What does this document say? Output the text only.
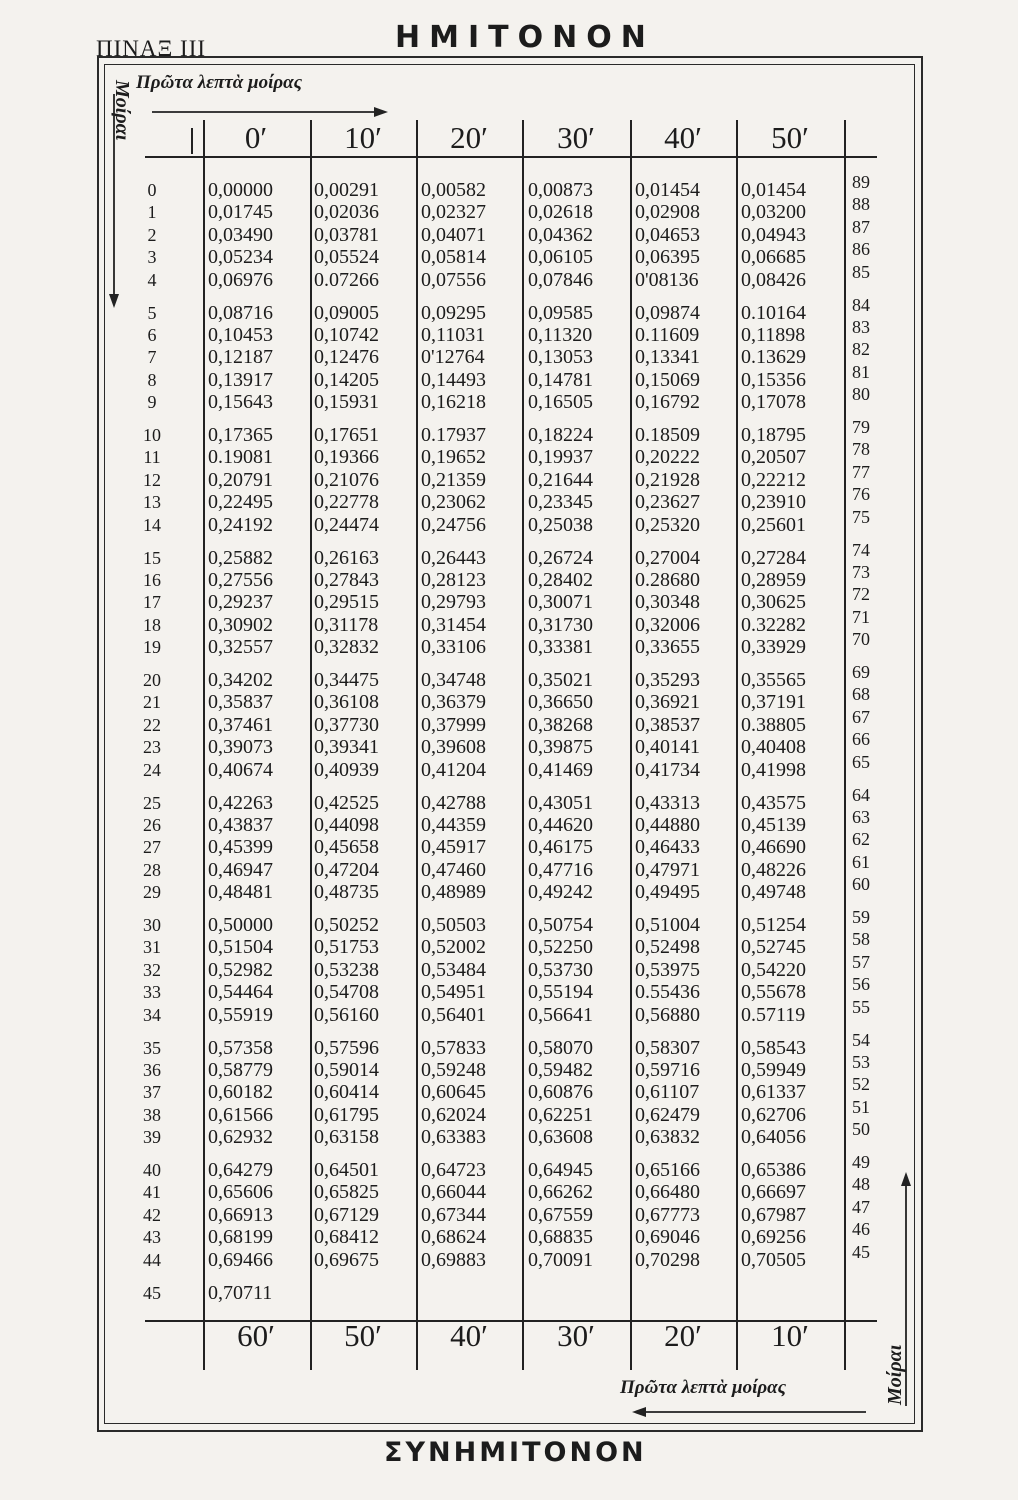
ΠΙΝΑΞ III	ΗΜΙΤΟΝΟΝ
Μοίραι Πρῶτα λεπτὰ μοίρας
Πρῶτα λεπτὰ μοίρας	Μοίραι
ΣΥΝΗΜΙΤΟΝΟΝ
0′	10′	20′	30′	40′	50′
60′	50′	40′	30′	20′	10′
0	0,00000 0,00291 0,00582 0,00873 0,01454 0,01454	89
1	0,01745 0,02036 0,02327 0,02618 0,02908 0,03200	88
2	0,03490 0,03781 0,04071 0,04362 0,04653 0,04943	87
3	0,05234 0,05524 0,05814 0,06105 0,06395 0,06685	86
4	0,06976 0.07266 0,07556 0,07846 0'08136 0,08426	85
5	0,08716 0,09005 0,09295 0,09585 0,09874 0.10164	84
6	0,10453 0,10742 0,11031 0,11320 0.11609 0,11898	83
7	0,12187 0,12476 0'12764 0,13053 0,13341 0.13629	82
8	0,13917 0,14205 0,14493 0,14781 0,15069 0,15356	81
9	0,15643 0,15931 0,16218 0,16505 0,16792 0,17078	80
10	0,17365 0,17651 0.17937 0,18224 0.18509 0,18795	79
11	0.19081 0,19366 0,19652 0,19937 0,20222 0,20507	78
12	0,20791 0,21076 0,21359 0,21644 0,21928 0,22212	77
13	0,22495 0,22778 0,23062 0,23345 0,23627 0,23910	76
14	0,24192 0,24474 0,24756 0,25038 0,25320 0,25601	75
15	0,25882 0,26163 0,26443 0,26724 0,27004 0,27284	74
16	0,27556 0,27843 0,28123 0,28402 0.28680 0,28959	73
17	0,29237 0,29515 0,29793 0,30071 0,30348 0,30625	72
18	0,30902 0,31178 0,31454 0,31730 0,32006 0.32282	71
19	0,32557 0,32832 0,33106 0,33381 0,33655 0,33929	70
20	0,34202 0,34475 0,34748 0,35021 0,35293 0,35565	69
21	0,35837 0,36108 0,36379 0,36650 0,36921 0,37191	68
22	0,37461 0,37730 0,37999 0,38268 0,38537 0.38805	67
23	0,39073 0,39341 0,39608 0,39875 0,40141 0,40408	66
24	0,40674 0,40939 0,41204 0,41469 0,41734 0,41998	65
25	0,42263 0,42525 0,42788 0,43051 0,43313 0,43575	64
26	0,43837 0,44098 0,44359 0,44620 0,44880 0,45139	63
27	0,45399 0,45658 0,45917 0,46175 0,46433 0,46690	62
28	0,46947 0,47204 0,47460 0,47716 0,47971 0,48226	61
29	0,48481 0,48735 0,48989 0,49242 0,49495 0,49748	60
30	0,50000 0,50252 0,50503 0,50754 0,51004 0,51254	59
31	0,51504 0,51753 0,52002 0,52250 0,52498 0,52745	58
32	0,52982 0,53238 0,53484 0,53730 0,53975 0,54220	57
33	0,54464 0,54708 0,54951 0,55194 0.55436 0,55678	56
34	0,55919 0,56160 0,56401 0,56641 0,56880 0.57119	55
35	0,57358 0,57596 0,57833 0,58070 0,58307 0,58543	54
36	0,58779 0,59014 0,59248 0,59482 0,59716 0,59949	53
37	0,60182 0,60414 0,60645 0,60876 0,61107 0,61337	52
38	0,61566 0,61795 0,62024 0,62251 0,62479 0,62706	51
39	0,62932 0,63158 0,63383 0,63608 0,63832 0,64056	50
40	0,64279 0,64501 0,64723 0,64945 0,65166 0,65386	49
41	0,65606 0,65825 0,66044 0,66262 0,66480 0,66697	48
42	0,66913 0,67129 0,67344 0,67559 0,67773 0,67987	47
43	0,68199 0,68412 0,68624 0,68835 0,69046 0,69256	46
44	0,69466 0,69675 0,69883 0,70091 0,70298 0,70505	45
45	0,70711
